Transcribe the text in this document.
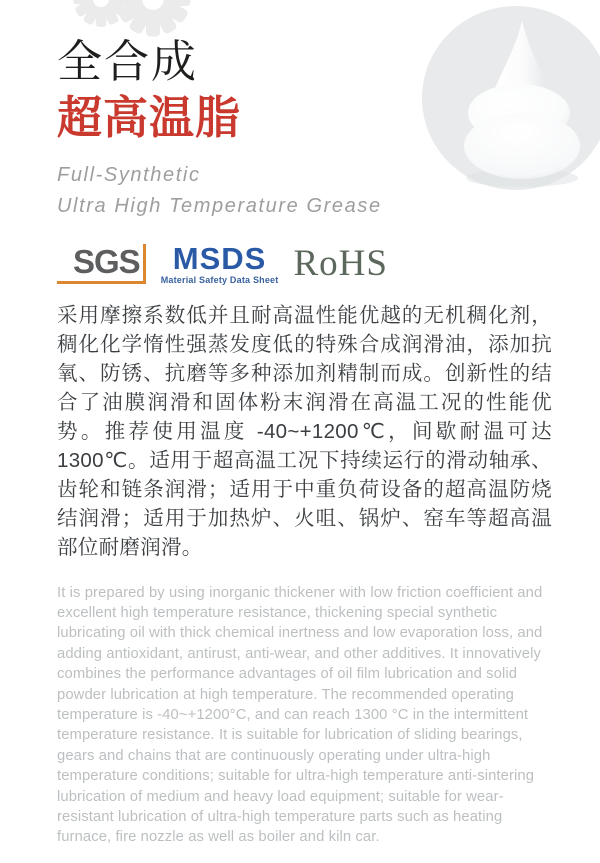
全合成
超高温脂
Full-Synthetic
Ultra High Temperature Grease
SGS	MSDS
Material Safety Data Sheet RoHS

采用摩擦系数低并且耐高温性能优越的无机稠化剂，稠化化学惰性强蒸发度低的特殊合成润滑油，添加抗氧、防锈、抗磨等多种添加剂精制而成。创新性的结合了油膜润滑和固体粉末润滑在高温工况的性能优势。推荐使用温度 -40~+1200℃，间歇耐温可达 1300℃。适用于超高温工况下持续运行的滑动轴承、齿轮和链条润滑；适用于中重负荷设备的超高温防烧结润滑；适用于加热炉、火咀、锅炉、窑车等超高温部位耐磨润滑。

It is prepared by using inorganic thickener with low friction coefficient and excellent high temperature resistance, thickening special synthetic lubricating oil with thick chemical inertness and low evaporation loss, and adding antioxidant, antirust, anti-wear, and other additives. It innovatively combines the performance advantages of oil film lubrication and solid powder lubrication at high temperature. The recommended operating temperature is -40~+1200°C, and can reach 1300 °C in the intermittent temperature resistance. It is suitable for lubrication of sliding bearings, gears and chains that are continuously operating under ultra-high temperature conditions; suitable for ultra-high temperature anti-sintering lubrication of medium and heavy load equipment; suitable for wear-resistant lubrication of ultra-high temperature parts such as heating furnace, fire nozzle as well as boiler and kiln car.
